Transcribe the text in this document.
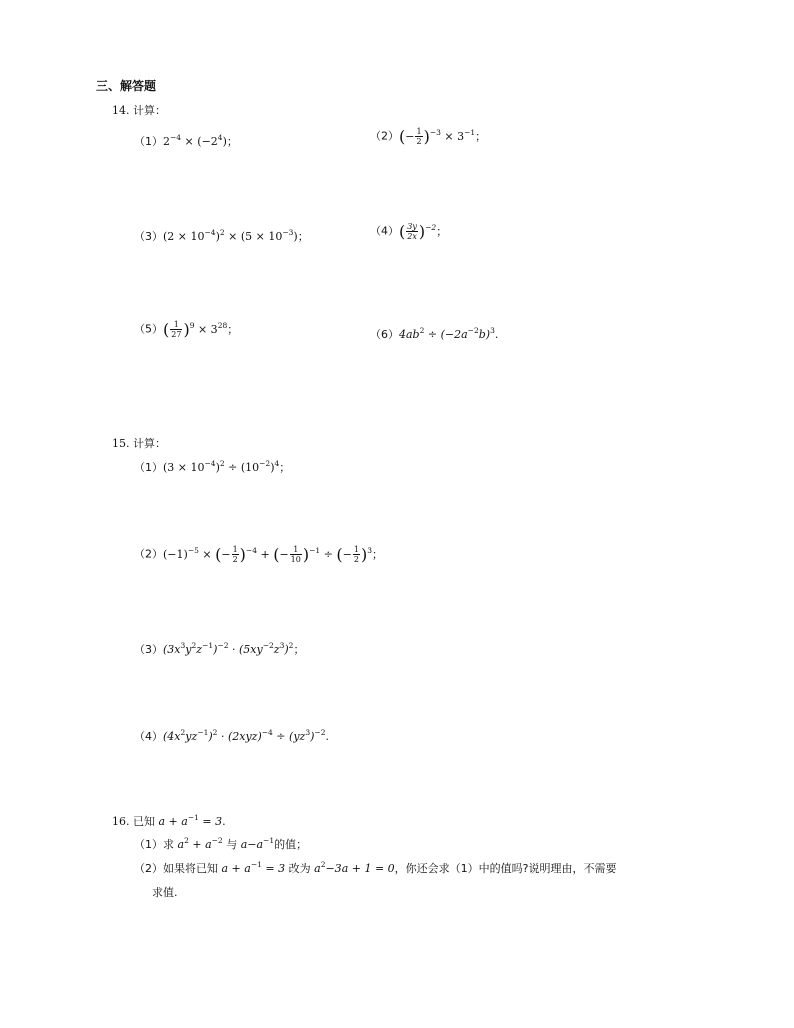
三、解答题
14. 计算：
$(1)2^{-4} \times (-2^4)$；	$(2)(- \frac{1}{2} )^{-3} \times 3^{-1}$；
$(3)(2 \times 10^{-4})^2 \times (5 \times 10^{-3})$；	$(4)( \frac{3y}{2x} )^{-2}$；
$(5)( \frac{1}{27} )^9 \times 3^{28}$；	$(6)4ab^2 \div (-2a^{-2}b)^3$.
15. 计算：
$(1)(3 \times 10^{-4})^2 \div (10^{-2})^4$；
$(2)(-1)^{-5}$ × (− $\frac{1}{2} )^{-4}$ + (− $\frac{1}{10} )^{-1}$ ÷ (− $\frac{1}{2} )^3$；
$(3)(3x^3y^2z^{-1})^{-2} \cdot (5xy^{-2}z^3)^2$；
$(4)(4x^2yz^{-1})^2 \cdot (2xyz)^{-4} \div (yz^3)^{-2}$.
16. 已知 $a + a^{-1} = 3$.
（1）求 $a^2 + a^{-2}$ 与 $a-a^{-1}$的值；
（2）如果将已知 $a + a^{-1} = 3$ 改为 $a^2-3a + 1 = 0$，你还会求（1）中的值吗?说明理由，不需要
求值.
